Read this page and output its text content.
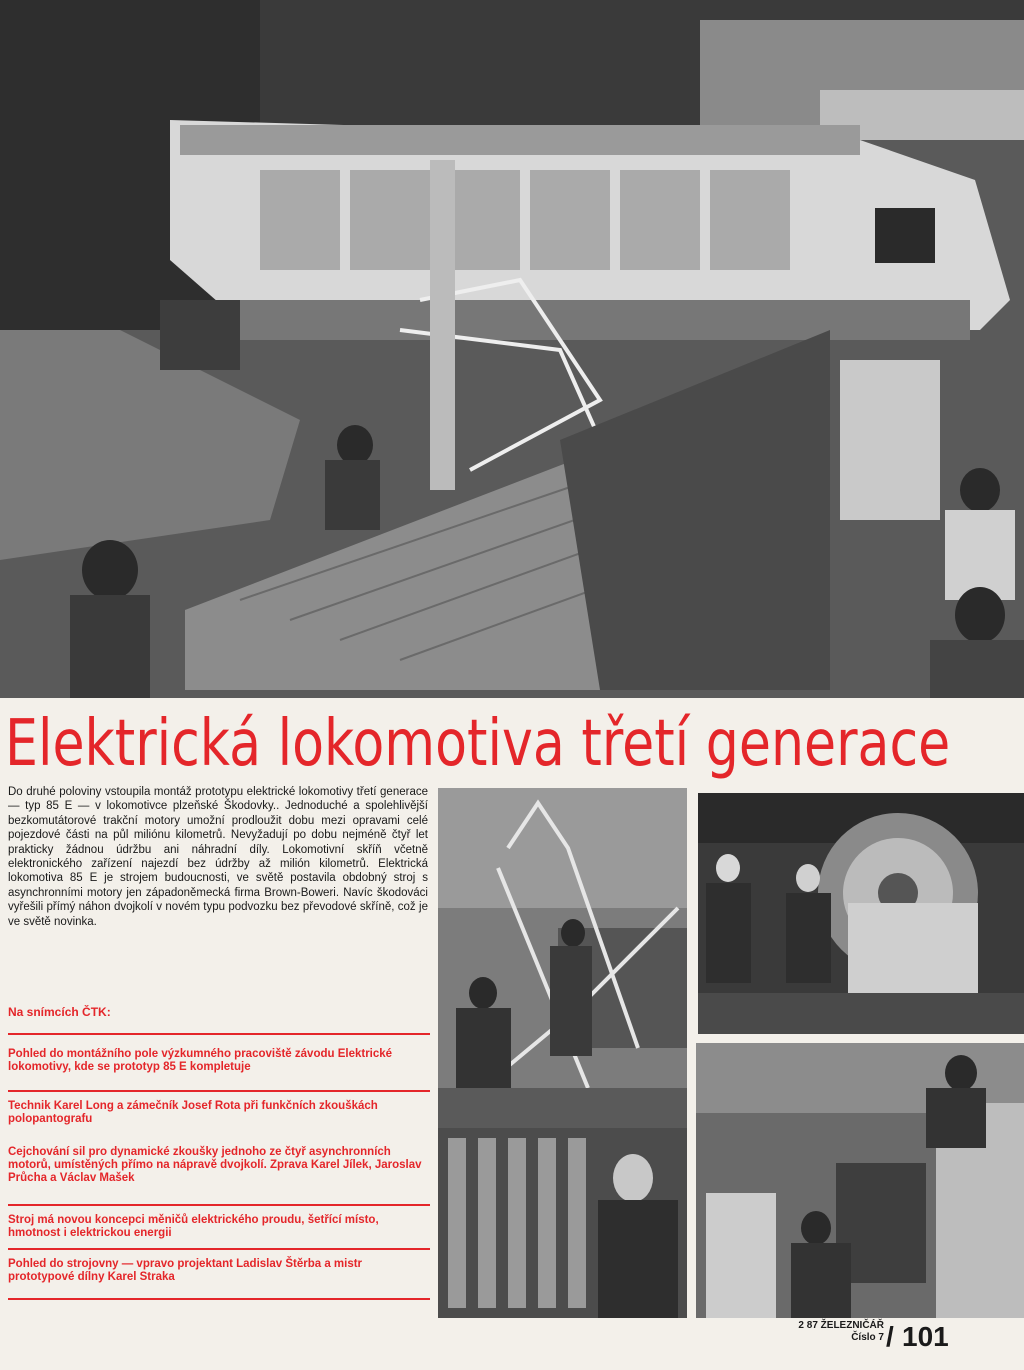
Elektrická lokomotiva třetí generace

Do druhé poloviny vstoupila montáž prototypu elektrické lokomotivy třetí generace — typ 85 E — v lokomotivce plzeňské Škodovky.. Jednoduché a spolehlivější bezkomutátorové trakční motory umožní prodloužit dobu mezi opravami celé pojezdové části na půl miliónu kilometrů. Nevyžadují po dobu nejméně čtyř let prakticky žádnou údržbu ani náhradní díly. Lokomotivní skříň včetně elektronického zařízení najezdí bez údržby až milión kilometrů. Elektrická lokomotiva 85 E je strojem budoucnosti, ve světě postavila obdobný stroj s asynchronními motory jen západoněmecká firma Brown-Boweri. Navíc škodováci vyřešili přímý náhon dvojkolí v novém typu podvozku bez převodové skříně, což je ve světě novinka.

Na snímcích ČTK:

Pohled do montážního pole výzkumného pracoviště závodu Elektrické lokomotivy, kde se prototyp 85 E kompletuje

Technik Karel Long a zámečník Josef Rota při funkčních zkouškách polopantografu

Cejchování sil pro dynamické zkoušky jednoho ze čtyř asynchronních motorů, umístěných přímo na nápravě dvojkolí. Zprava Karel Jílek, Jaroslav Průcha a Václav Mašek

Stroj má novou koncepci měničů elektrického proudu, šetřící místo, hmotnost i elektrickou energii

Pohled do strojovny — vpravo projektant Ladislav Štěrba a mistr prototypové dílny Karel Straka

2 87 ŽELEZNIČÁŘ
Číslo 7 / 101
